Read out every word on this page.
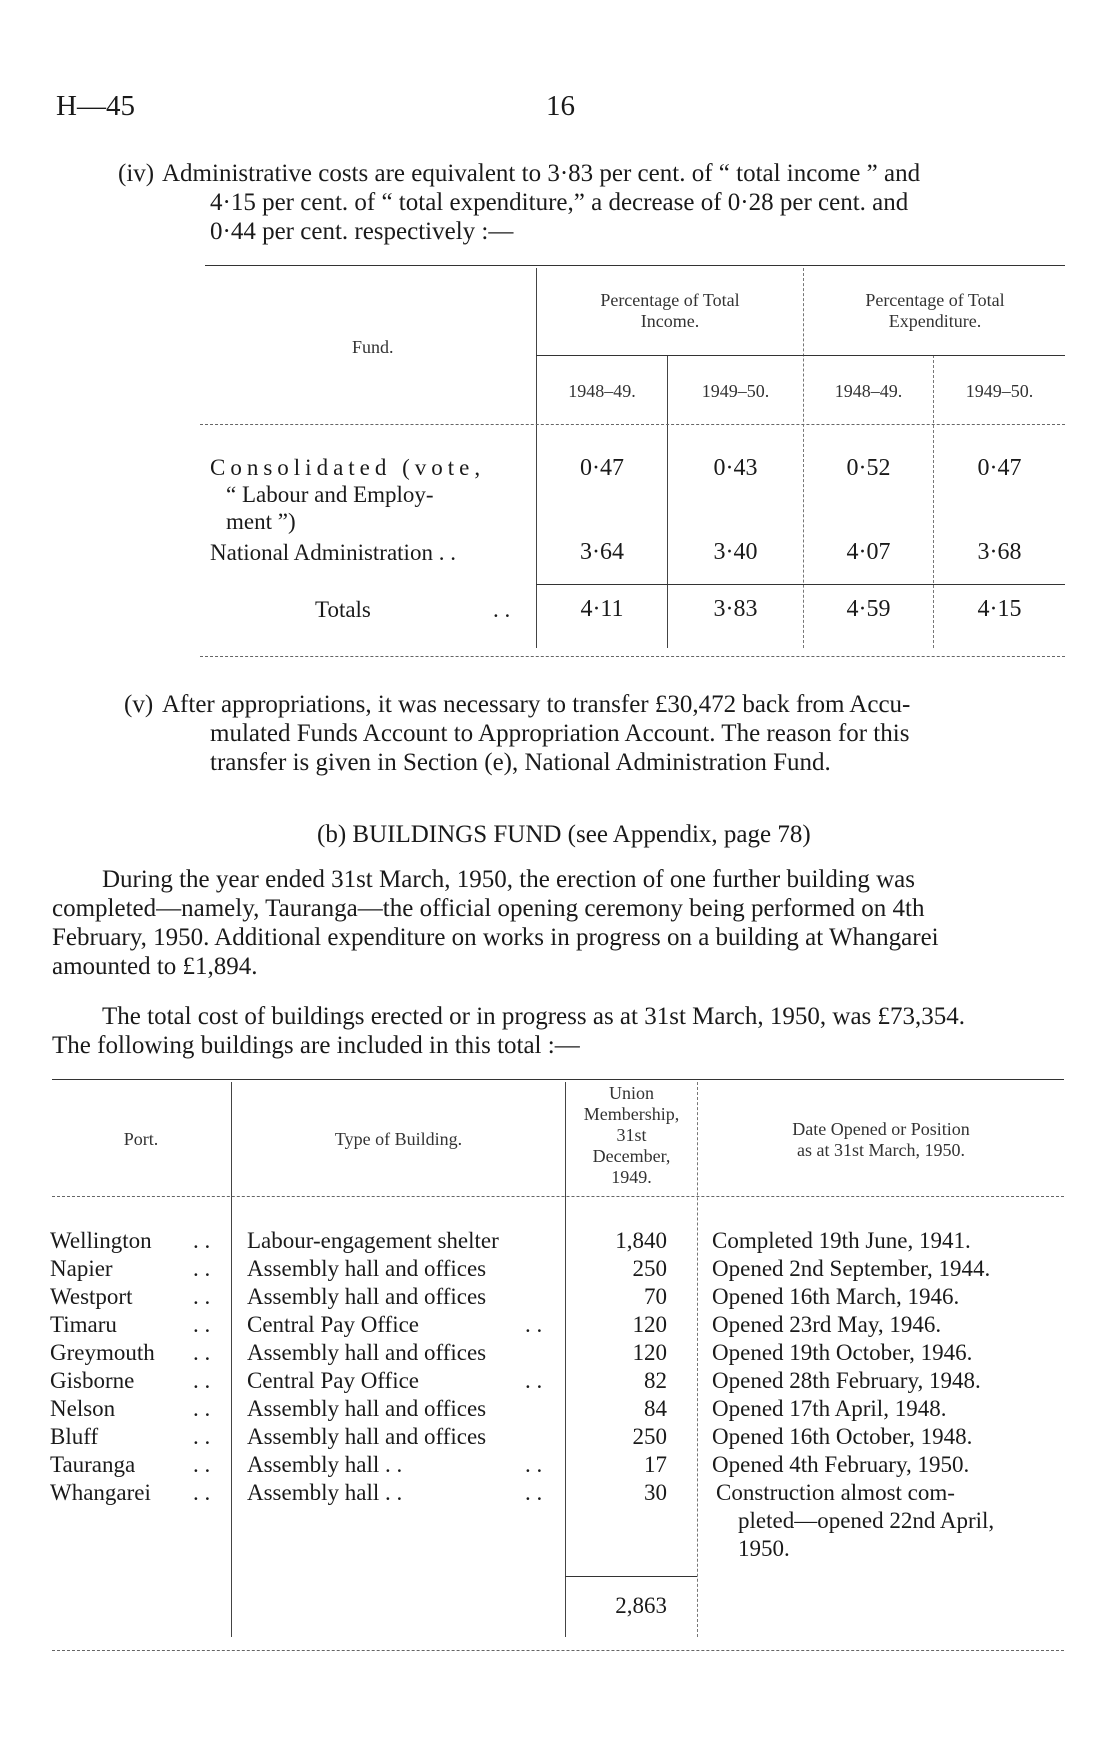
H—45	16
(iv) Administrative costs are equivalent to 3·83 per cent. of “ total income ” and
4·15 per cent. of “ total expenditure,” a decrease of 0·28 per cent. and
0·44 per cent. respectively :—
Fund.
Percentage of Total
Income.
Percentage of Total
Expenditure.
1948–49.	1949–50.	1948–49.	1949–50.
Consolidated (vote,
“ Labour and Employ-
ment ”)
0·47	0·43	0·52	0·47
National Administration . .	3·64	3·40	4·07	3·68
Totals	. .	4·11	3·83	4·59	4·15
(v) After appropriations, it was necessary to transfer £30,472 back from Accu-
mulated Funds Account to Appropriation Account. The reason for this
transfer is given in Section (e), National Administration Fund.
(b) BUILDINGS FUND (see Appendix, page 78)
During the year ended 31st March, 1950, the erection of one further building was
completed—namely, Tauranga—the official opening ceremony being performed on 4th
February, 1950. Additional expenditure on works in progress on a building at Whangarei
amounted to £1,894.
The total cost of buildings erected or in progress as at 31st March, 1950, was £73,354.
The following buildings are included in this total :—
Port.	Type of Building.
Union
Membership,
31st
December,
1949.
Date Opened or Position
as at 31st March, 1950.
Wellington . . Labour-engagement shelter	1,840 Completed 19th June, 1941.
Napier	. . Assembly hall and offices	250 Opened 2nd September, 1944.
Westport	. . Assembly hall and offices	70 Opened 16th March, 1946.
Timaru	. . Central Pay Office	. .	120 Opened 23rd May, 1946.
Greymouth . . Assembly hall and offices	120 Opened 19th October, 1946.
Gisborne	. . Central Pay Office	. .	82 Opened 28th February, 1948.
Nelson	. . Assembly hall and offices	84 Opened 17th April, 1948.
Bluff	. . Assembly hall and offices	250 Opened 16th October, 1948.
Tauranga	. . Assembly hall . .	. .	17 Opened 4th February, 1950.
Whangarei . . Assembly hall . .	. .	30 Construction almost com-
pleted—opened 22nd April,
1950.
2,863
